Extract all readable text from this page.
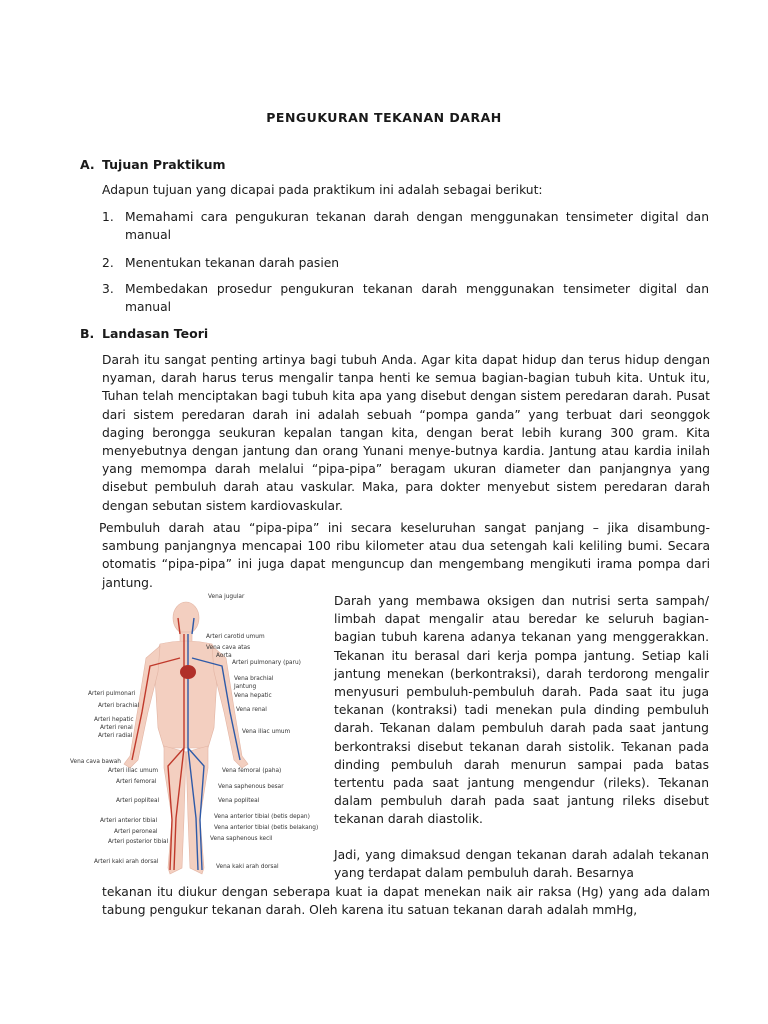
PENGUKURAN TEKANAN DARAH
A. Tujuan Praktikum

Adapun tujuan yang dicapai pada praktikum ini adalah sebagai berikut:

1. Memahami cara pengukuran tekanan darah dengan menggunakan tensimeter digital dan manual
2. Menentukan tekanan darah pasien
3. Membedakan prosedur pengukuran tekanan darah menggunakan tensimeter digital dan manual
B. Landasan Teori

Darah itu sangat penting artinya bagi tubuh Anda. Agar kita dapat hidup dan terus hidup dengan nyaman, darah harus terus mengalir tanpa henti ke semua bagian-bagian tubuh kita. Untuk itu, Tuhan telah menciptakan bagi tubuh kita apa yang disebut dengan sistem peredaran darah. Pusat dari sistem peredaran darah ini adalah sebuah “pompa ganda” yang terbuat dari seonggok daging berongga seukuran kepalan tangan kita, dengan berat lebih kurang 300 gram. Kita menyebutnya dengan jantung dan orang Yunani menye-butnya kardia. Jantung atau kardia inilah yang memompa darah melalui “pipa-pipa” beragam ukuran diameter dan panjangnya yang disebut pembuluh darah atau vaskular. Maka, para dokter menyebut sistem peredaran darah dengan sebutan sistem kardiovaskular.

Pembuluh darah atau “pipa-pipa” ini secara keseluruhan sangat panjang – jika disambung-sambung panjangnya mencapai 100 ribu kilometer atau dua setengah kali keliling bumi. Secara otomatis “pipa-pipa” ini juga dapat menguncup dan mengembang mengikuti irama pompa dari jantung.

Darah yang membawa oksigen dan nutrisi serta sampah/ limbah dapat mengalir atau beredar ke seluruh bagian-bagian tubuh karena adanya tekanan yang menggerakkan. Tekanan itu berasal dari kerja pompa jantung. Setiap kali jantung menekan (berkontraksi), darah terdorong mengalir menyusuri pembuluh-pembuluh darah. Pada saat itu juga tekanan (kontraksi) tadi menekan pula dinding pembuluh darah. Tekanan dalam pembuluh darah pada saat jantung berkontraksi disebut tekanan darah sistolik. Tekanan pada dinding pembuluh darah menurun sampai pada batas tertentu pada saat jantung mengendur (rileks). Tekanan dalam pembuluh darah pada saat jantung rileks disebut tekanan darah diastolik.

Jadi, yang dimaksud dengan tekanan darah adalah tekanan yang terdapat dalam pembuluh darah. Besarnya

tekanan itu diukur dengan seberapa kuat ia dapat menekan naik air raksa (Hg) yang ada dalam tabung pengukur tekanan darah. Oleh karena itu satuan tekanan darah adalah mmHg,

Vena jugular
Arteri carotid umum
Vena cava atas
Aorta
Arteri pulmonary (paru)
Vena brachial
Jantung
Vena hepatic
Vena renal
Vena iliac umum
Vena femoral (paha)
Vena saphenous besar
Vena popliteal
Vena anterior tibial (betis depan)
Vena anterior tibial (betis belakang)
Vena saphenous kecil
Vena kaki arah dorsal
Arteri pulmonari
Arteri brachial
Arteri hepatic
Arteri renal
Arteri radial
Vena cava bawah
Arteri iliac umum
Arteri femoral
Arteri popliteal
Arteri anterior tibial
Arteri peroneal
Arteri posterior tibial
Arteri kaki arah dorsal
